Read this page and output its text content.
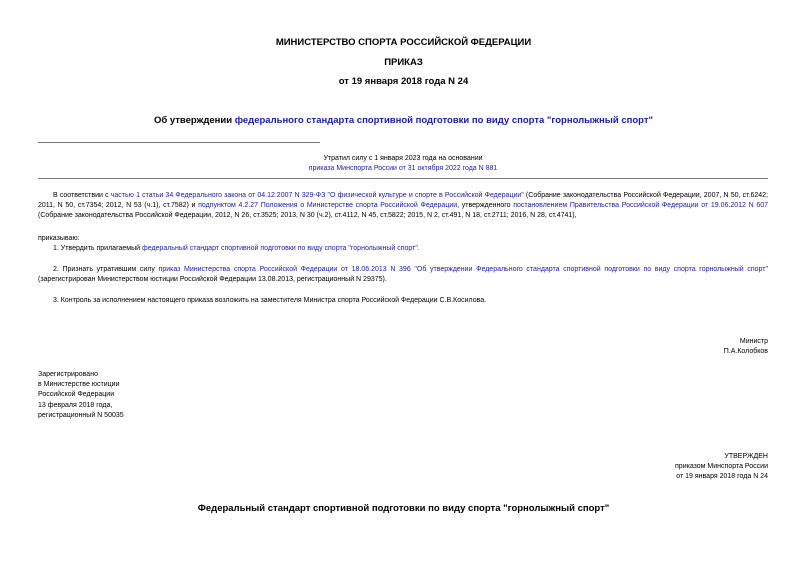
МИНИСТЕРСТВО СПОРТА РОССИЙСКОЙ ФЕДЕРАЦИИ
ПРИКАЗ
от 19 января 2018 года N 24
Об утверждении федерального стандарта спортивной подготовки по виду спорта "горнолыжный спорт"
Утратил силу с 1 января 2023 года на основании
приказа Минспорта России от 31 октября 2022 года N 881
В соответствии с частью 1 статьи 34 Федерального закона от 04.12.2007 N 329-ФЗ "О физической культуре и спорте в Российской Федерации" (Собрание законодательства Российской Федерации, 2007, N 50, ст.6242; 2011, N 50, ст.7354; 2012, N 53 (ч.1), ст.7582) и подпунктом 4.2.27 Положения о Министерстве спорта Российской Федерации, утвержденного постановлением Правительства Российской Федерации от 19.06.2012 N 607 (Собрание законодательства Российской Федерации, 2012, N 26, ст.3525; 2013, N 30 (ч.2), ст.4112, N 45, ст.5822; 2015, N 2, ст.491, N 18, ст.2711; 2016, N 28, ст.4741),
приказываю:
1. Утвердить прилагаемый федеральный стандарт спортивной подготовки по виду спорта "горнолыжный спорт".
2. Признать утратившим силу приказ Министерства спорта Российской Федерации от 18.06.2013 N 396 "Об утверждении Федерального стандарта спортивной подготовки по виду спорта горнолыжный спорт" (зарегистрирован Министерством юстиции Российской Федерации 13.08.2013, регистрационный N 29375).
3. Контроль за исполнением настоящего приказа возложить на заместителя Министра спорта Российской Федерации С.В.Косилова.
Министр
П.А.Колобков
Зарегистрировано
в Министерстве юстиции
Российской Федерации
13 февраля 2018 года,
регистрационный N 50035
УТВЕРЖДЕН
приказом Минспорта России
от 19 января 2018 года N 24
Федеральный стандарт спортивной подготовки по виду спорта "горнолыжный спорт"
